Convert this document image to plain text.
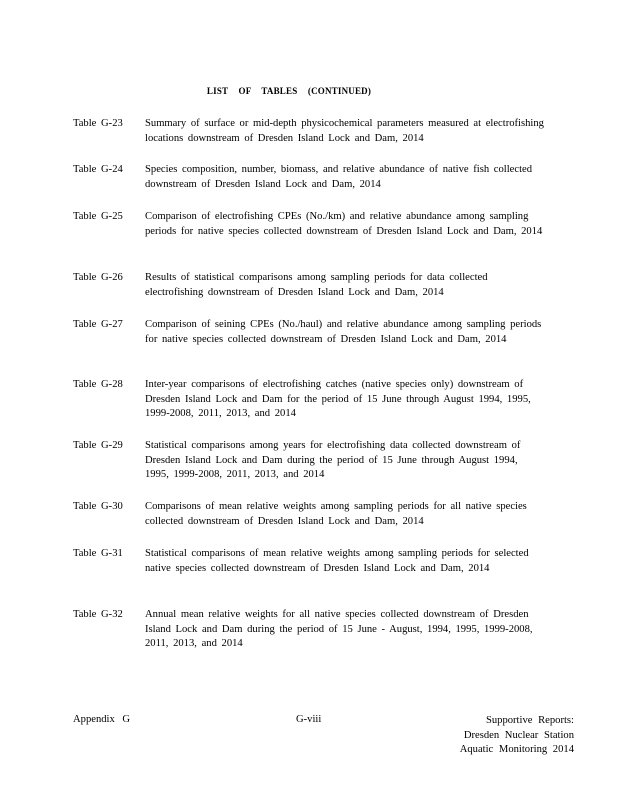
LIST OF TABLES (CONTINUED)
Table G-23	Summary of surface or mid-depth physicochemical parameters measured at electrofishing locations downstream of Dresden Island Lock and Dam, 2014
Table G-24	Species composition, number, biomass, and relative abundance of native fish collected downstream of Dresden Island Lock and Dam, 2014
Table G-25	Comparison of electrofishing CPEs (No./km) and relative abundance among sampling periods for native species collected downstream of Dresden Island Lock and Dam, 2014
Table G-26	Results of statistical comparisons among sampling periods for data collected electrofishing downstream of Dresden Island Lock and Dam, 2014
Table G-27	Comparison of seining CPEs (No./haul) and relative abundance among sampling periods for native species collected downstream of Dresden Island Lock and Dam, 2014
Table G-28	Inter-year comparisons of electrofishing catches (native species only) downstream of Dresden Island Lock and Dam for the period of 15 June through August 1994, 1995, 1999-2008, 2011, 2013, and 2014
Table G-29	Statistical comparisons among years for electrofishing data collected downstream of Dresden Island Lock and Dam during the period of 15 June through August 1994, 1995, 1999-2008, 2011, 2013, and 2014
Table G-30	Comparisons of mean relative weights among sampling periods for all native species collected downstream of Dresden Island Lock and Dam, 2014
Table G-31	Statistical comparisons of mean relative weights among sampling periods for selected native species collected downstream of Dresden Island Lock and Dam, 2014
Table G-32	Annual mean relative weights for all native species collected downstream of Dresden Island Lock and Dam during the period of 15 June - August, 1994, 1995, 1999-2008, 2011, 2013, and 2014
Appendix G	G-viii	Supportive Reports:
Dresden Nuclear Station
Aquatic Monitoring 2014
